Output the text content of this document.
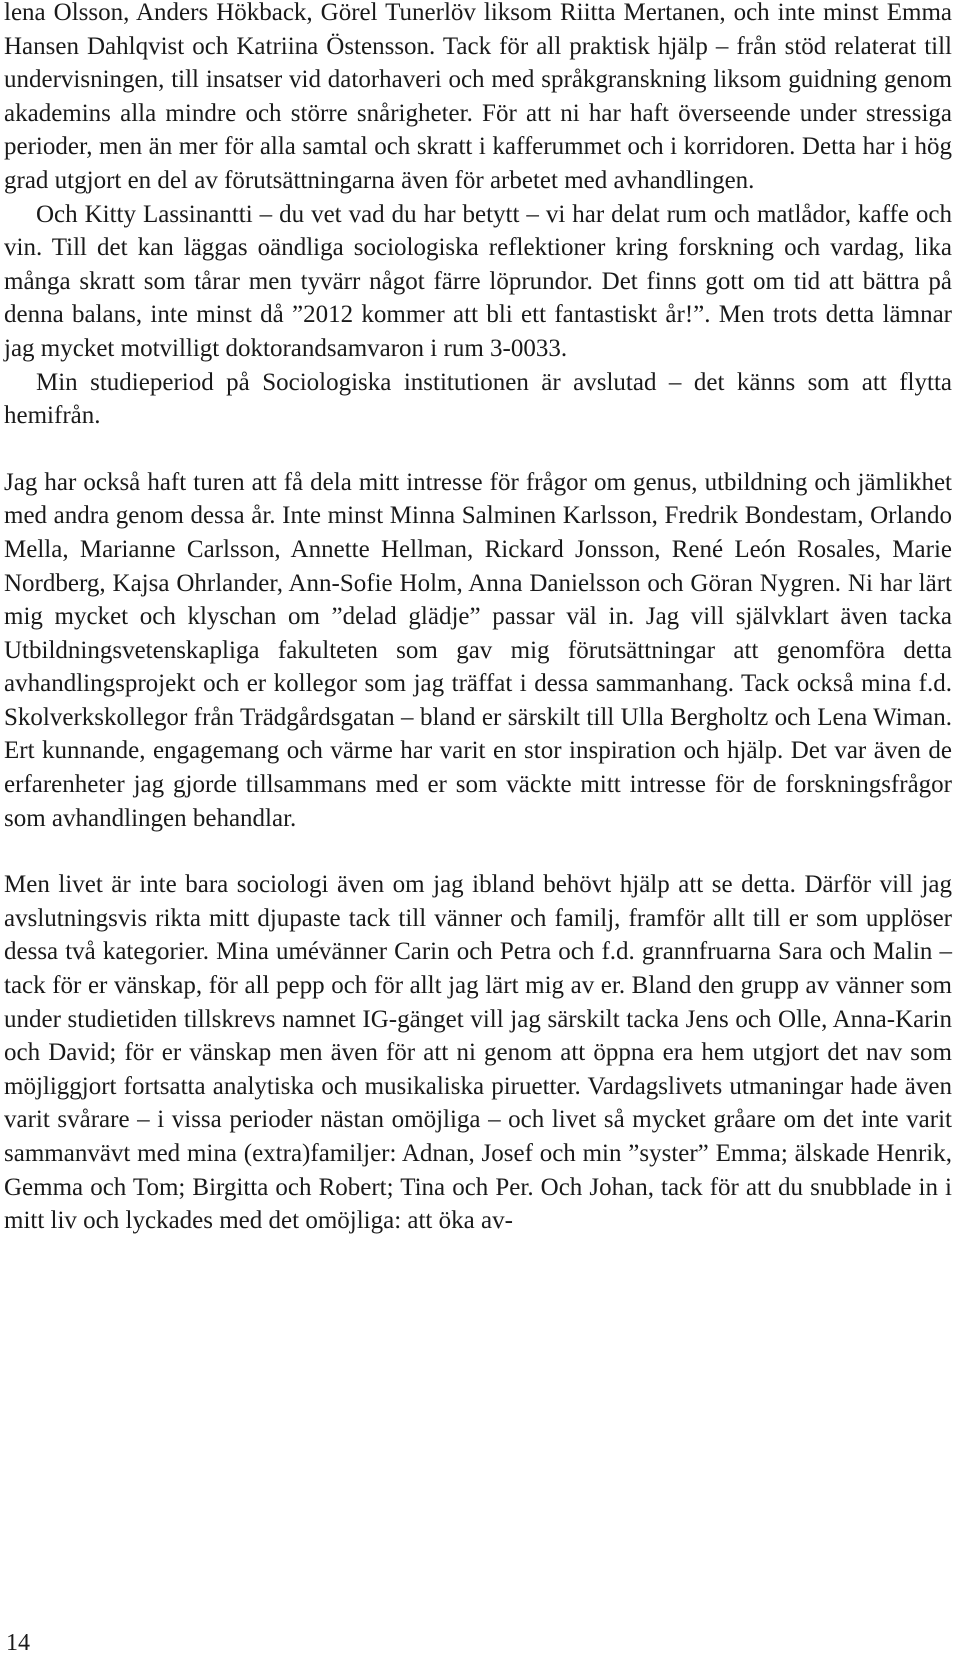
lena Olsson, Anders Hökback, Görel Tunerlöv liksom Riitta Mertanen, och inte minst Emma Hansen Dahlqvist och Katriina Östensson. Tack för all praktisk hjälp – från stöd relaterat till undervisningen, till insatser vid datorhaveri och med språkgranskning liksom guidning genom akademins alla mindre och större snårigheter. För att ni har haft överseende under stressiga perioder, men än mer för alla samtal och skratt i kafferummet och i korridoren. Detta har i hög grad utgjort en del av förutsättningarna även för arbetet med avhandlingen.

Och Kitty Lassinantti – du vet vad du har betytt – vi har delat rum och matlådor, kaffe och vin. Till det kan läggas oändliga sociologiska reflektioner kring forskning och vardag, lika många skratt som tårar men tyvärr något färre löprundor. Det finns gott om tid att bättra på denna balans, inte minst då ”2012 kommer att bli ett fantastiskt år!”. Men trots detta lämnar jag mycket motvilligt doktorandsamvaron i rum 3-0033.

Min studieperiod på Sociologiska institutionen är avslutad – det känns som att flytta hemifrån.

Jag har också haft turen att få dela mitt intresse för frågor om genus, utbildning och jämlikhet med andra genom dessa år. Inte minst Minna Salminen Karlsson, Fredrik Bondestam, Orlando Mella, Marianne Carlsson, Annette Hellman, Rickard Jonsson, René León Rosales, Marie Nordberg, Kajsa Ohrlander, Ann-Sofie Holm, Anna Danielsson och Göran Nygren. Ni har lärt mig mycket och klyschan om ”delad glädje” passar väl in. Jag vill självklart även tacka Utbildningsvetenskapliga fakulteten som gav mig förutsättningar att genomföra detta avhandlingsprojekt och er kollegor som jag träffat i dessa sammanhang. Tack också mina f.d. Skolverkskollegor från Trädgårdsgatan – bland er särskilt till Ulla Bergholtz och Lena Wiman. Ert kunnande, engagemang och värme har varit en stor inspiration och hjälp. Det var även de erfarenheter jag gjorde tillsammans med er som väckte mitt intresse för de forskningsfrågor som avhandlingen behandlar.

Men livet är inte bara sociologi även om jag ibland behövt hjälp att se detta. Därför vill jag avslutningsvis rikta mitt djupaste tack till vänner och familj, framför allt till er som upplöser dessa två kategorier. Mina umévänner Carin och Petra och f.d. grannfruarna Sara och Malin – tack för er vänskap, för all pepp och för allt jag lärt mig av er. Bland den grupp av vänner som under studietiden tillskrevs namnet IG-gänget vill jag särskilt tacka Jens och Olle, Anna-Karin och David; för er vänskap men även för att ni genom att öppna era hem utgjort det nav som möjliggjort fortsatta analytiska och musikaliska piruetter. Vardagslivets utmaningar hade även varit svårare – i vissa perioder nästan omöjliga – och livet så mycket gråare om det inte varit sammanvävt med mina (extra)familjer: Adnan, Josef och min ”syster” Emma; älskade Henrik, Gemma och Tom; Birgitta och Robert; Tina och Per. Och Johan, tack för att du snubblade in i mitt liv och lyckades med det omöjliga: att öka av-

14
